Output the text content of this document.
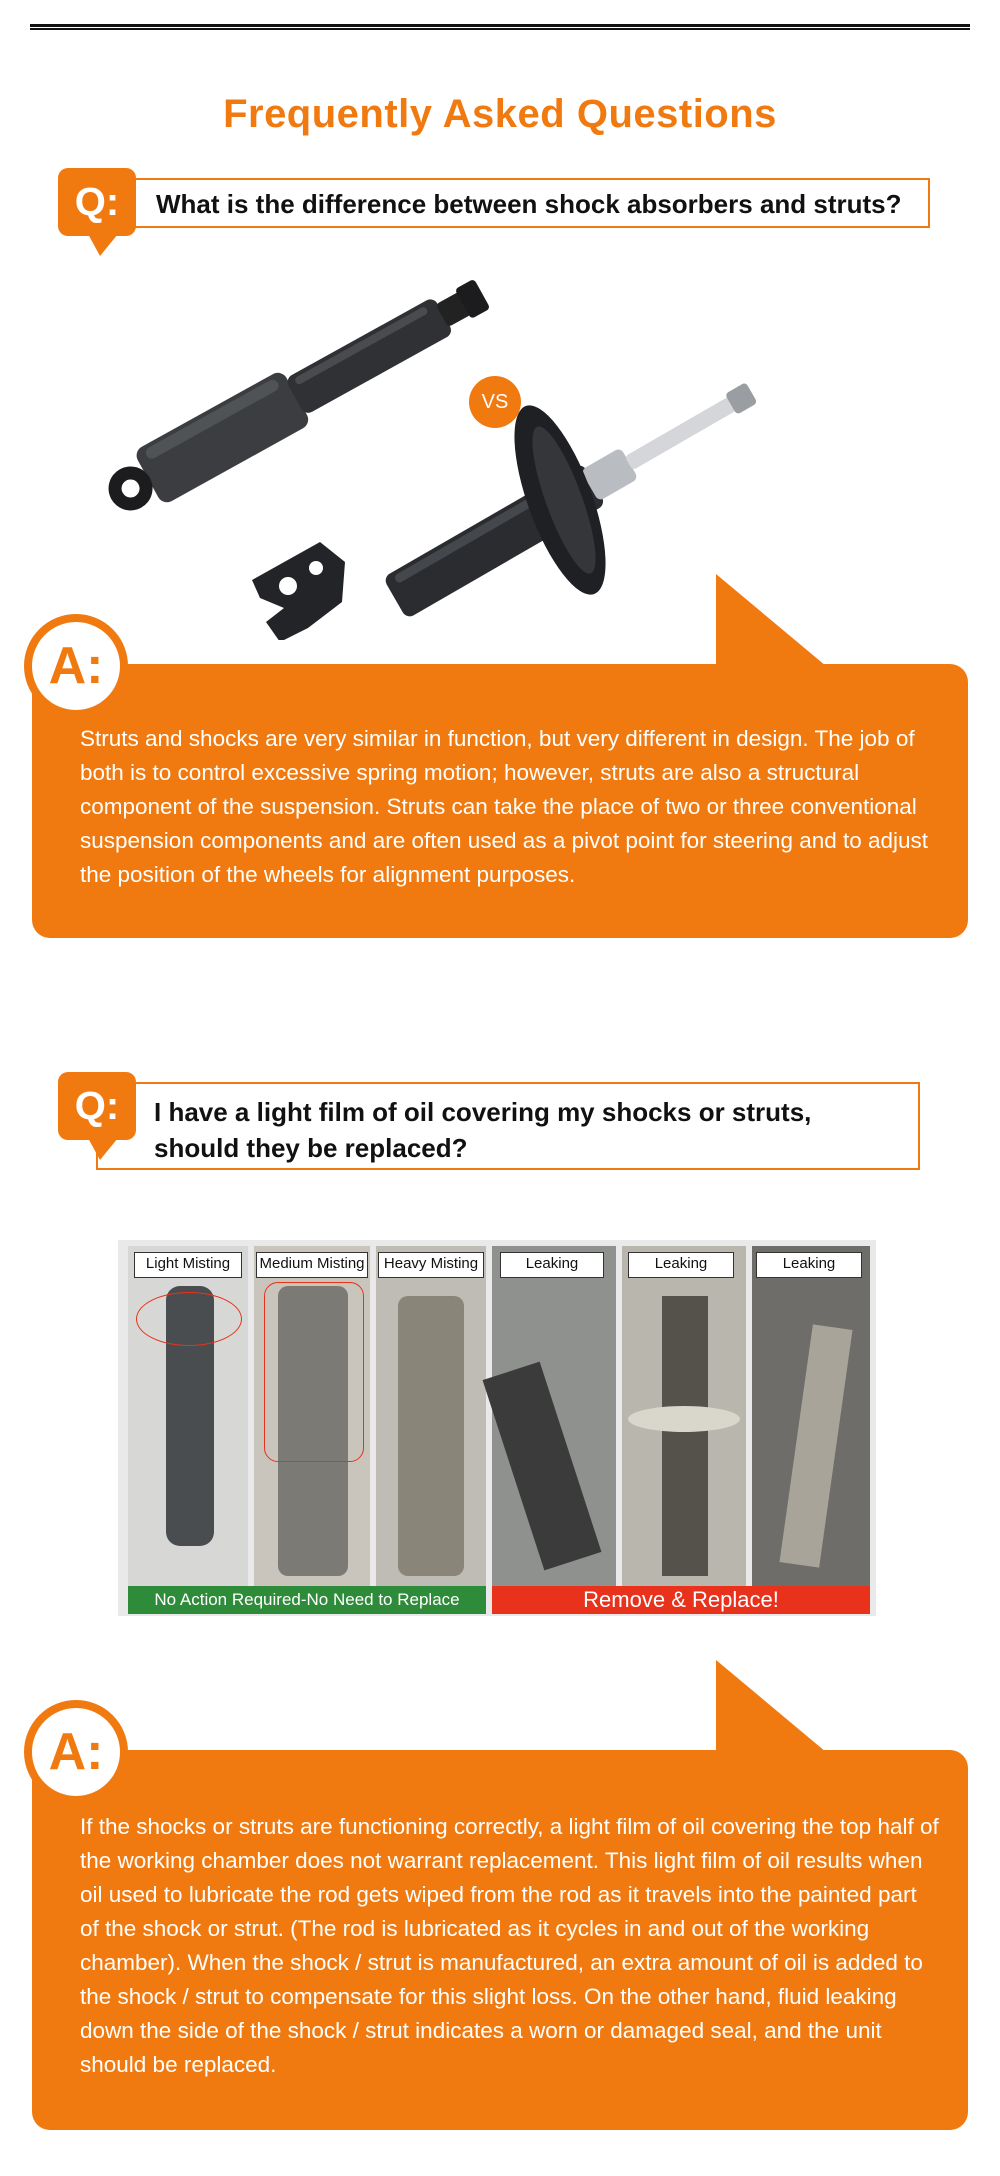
Frequently Asked Questions
What is the difference between shock absorbers and struts?
Q:
VS
Struts and shocks are very similar in function, but very different in design. The job of both is to control excessive spring motion; however, struts are also a structural component of the suspension. Struts can take the place of two or three conventional suspension components and are often used as a pivot point for steering and to adjust the position of the wheels for alignment purposes.
A:
I have a light film of oil covering my shocks or struts, should they be replaced?
Q:
Light Misting	Medium Misting	Heavy Misting	Leaking	Leaking	Leaking
No Action Required-No Need to Replace	Remove & Replace!
If the shocks or struts are functioning correctly, a light film of oil covering the top half of the working chamber does not warrant replacement. This light film of oil results when oil used to lubricate the rod gets wiped from the rod as it travels into the painted part of the shock or strut. (The rod is lubricated as it cycles in and out of the working chamber). When the shock / strut is manufactured, an extra amount of oil is added to the shock / strut to compensate for this slight loss. On the other hand, fluid leaking down the side of the shock / strut indicates a worn or damaged seal, and the unit should be replaced.
A:
